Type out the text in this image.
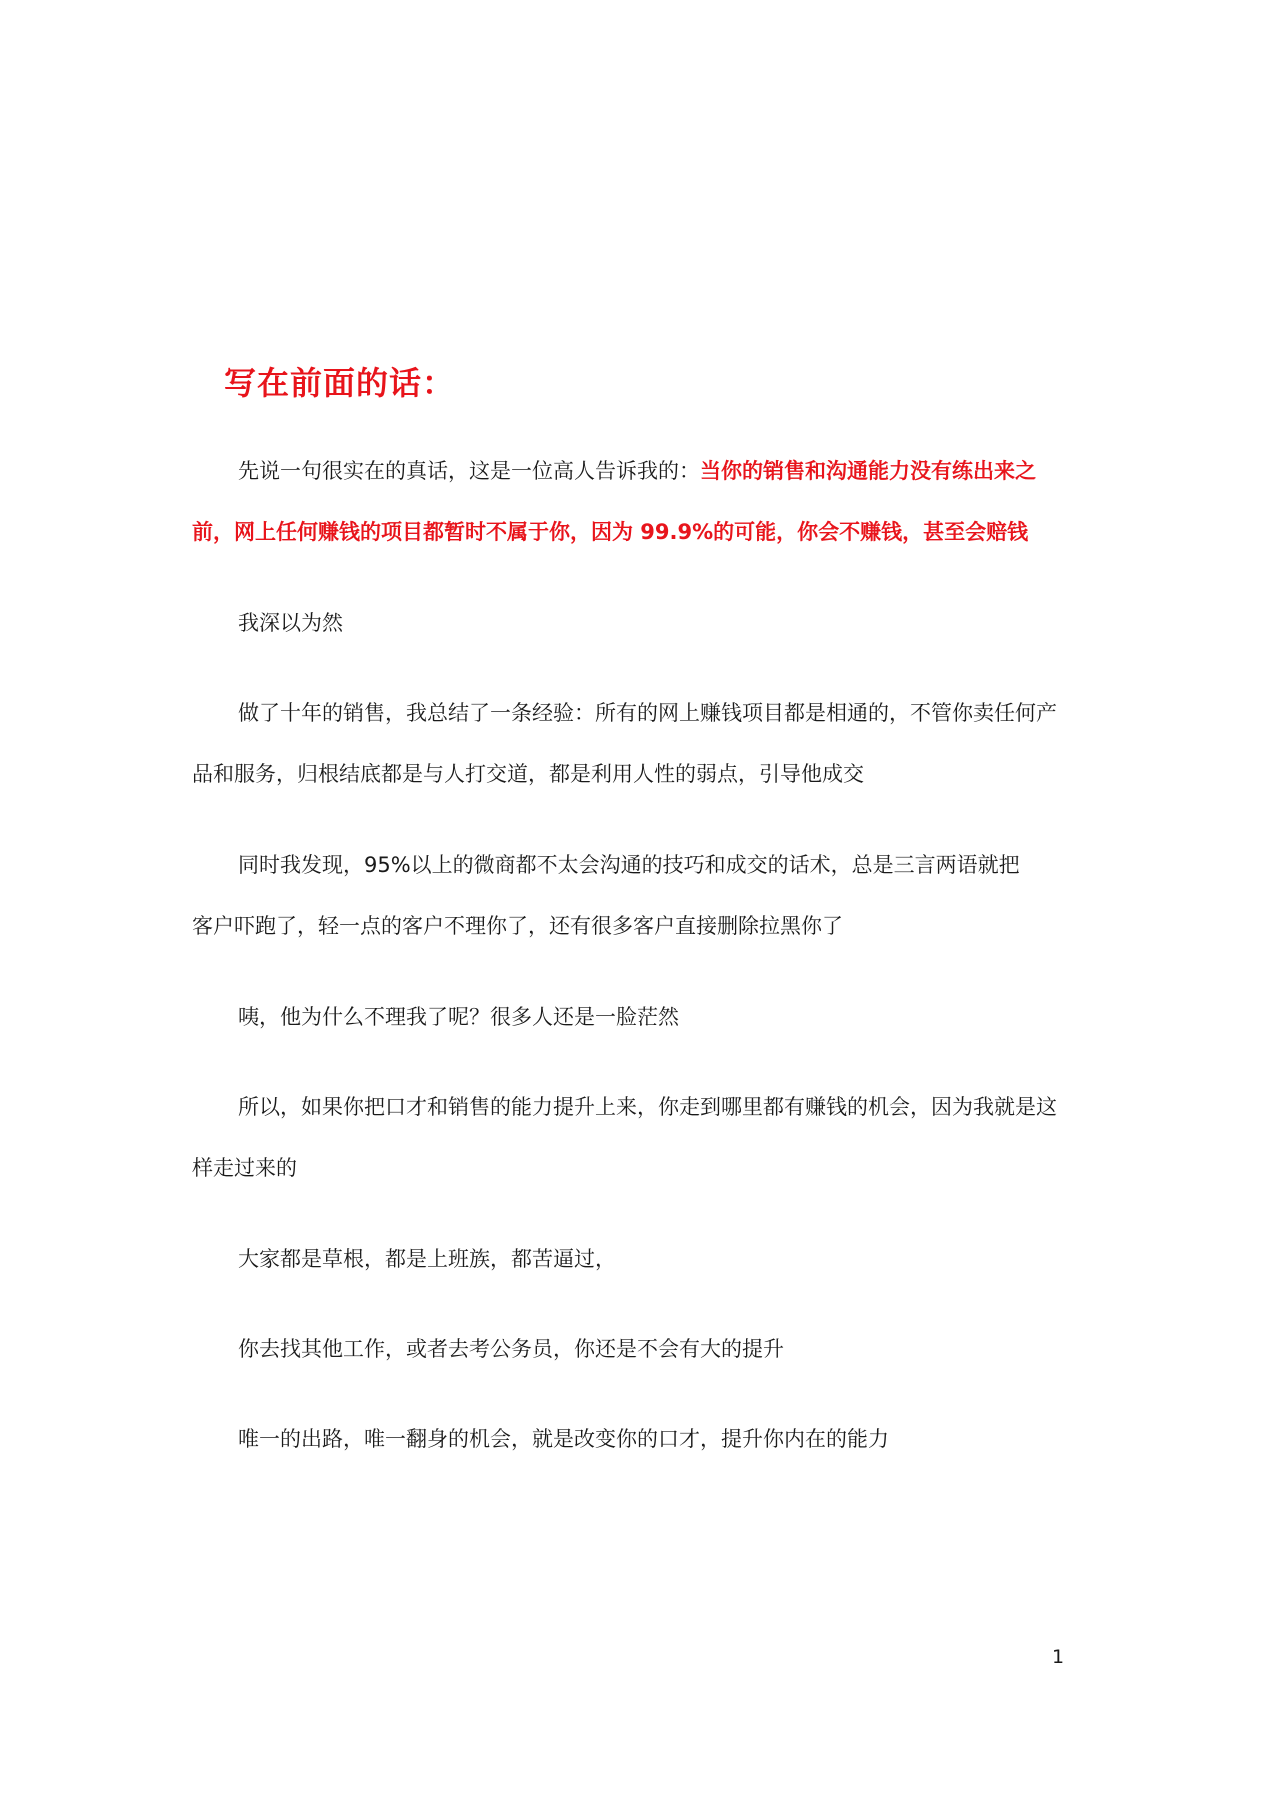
写在前面的话：
先说一句很实在的真话，这是一位高人告诉我的：当你的销售和沟通能力没有练出来之
前，网上任何赚钱的项目都暂时不属于你，因为 99.9%的可能，你会不赚钱，甚至会赔钱
我深以为然
做了十年的销售，我总结了一条经验：所有的网上赚钱项目都是相通的，不管你卖任何产
品和服务，归根结底都是与人打交道，都是利用人性的弱点，引导他成交
同时我发现，95%以上的微商都不太会沟通的技巧和成交的话术，总是三言两语就把
客户吓跑了，轻一点的客户不理你了，还有很多客户直接删除拉黑你了
咦，他为什么不理我了呢？很多人还是一脸茫然
所以，如果你把口才和销售的能力提升上来，你走到哪里都有赚钱的机会，因为我就是这
样走过来的
大家都是草根，都是上班族，都苦逼过，
你去找其他工作，或者去考公务员，你还是不会有大的提升
唯一的出路，唯一翻身的机会，就是改变你的口才，提升你内在的能力
1
